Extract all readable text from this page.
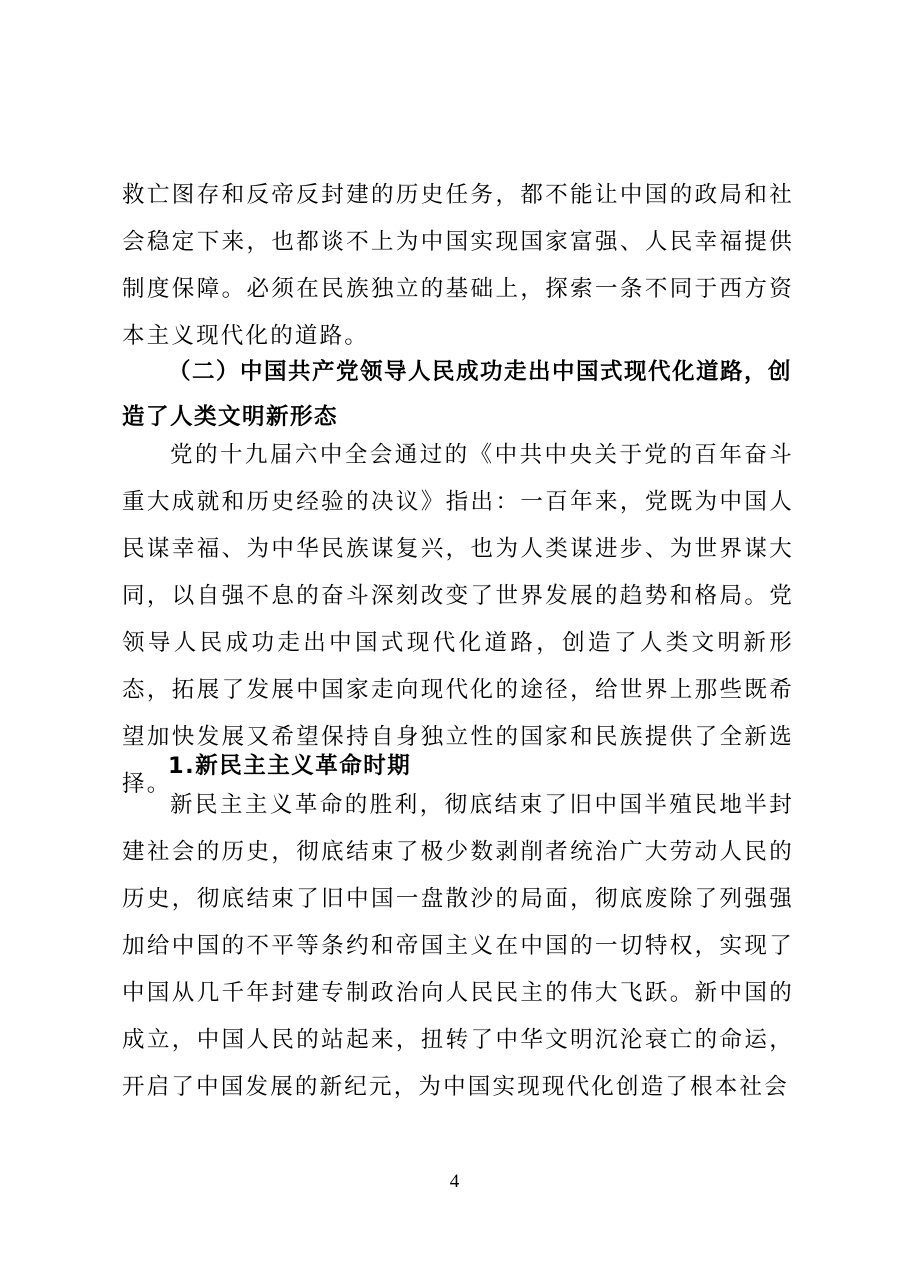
救亡图存和反帝反封建的历史任务，都不能让中国的政局和社会稳定下来，也都谈不上为中国实现国家富强、人民幸福提供制度保障。必须在民族独立的基础上，探索一条不同于西方资本主义现代化的道路。

（二）中国共产党领导人民成功走出中国式现代化道路，创造了人类文明新形态

党的十九届六中全会通过的《中共中央关于党的百年奋斗重大成就和历史经验的决议》指出：一百年来，党既为中国人民谋幸福、为中华民族谋复兴，也为人类谋进步、为世界谋大同，以自强不息的奋斗深刻改变了世界发展的趋势和格局。党领导人民成功走出中国式现代化道路，创造了人类文明新形态，拓展了发展中国家走向现代化的途径，给世界上那些既希望加快发展又希望保持自身独立性的国家和民族提供了全新选择。

1.新民主主义革命时期

新民主主义革命的胜利，彻底结束了旧中国半殖民地半封建社会的历史，彻底结束了极少数剥削者统治广大劳动人民的历史，彻底结束了旧中国一盘散沙的局面，彻底废除了列强强加给中国的不平等条约和帝国主义在中国的一切特权，实现了中国从几千年封建专制政治向人民民主的伟大飞跃。新中国的成立，中国人民的站起来，扭转了中华文明沉沦衰亡的命运，开启了中国发展的新纪元，为中国实现现代化创造了根本社会

4
